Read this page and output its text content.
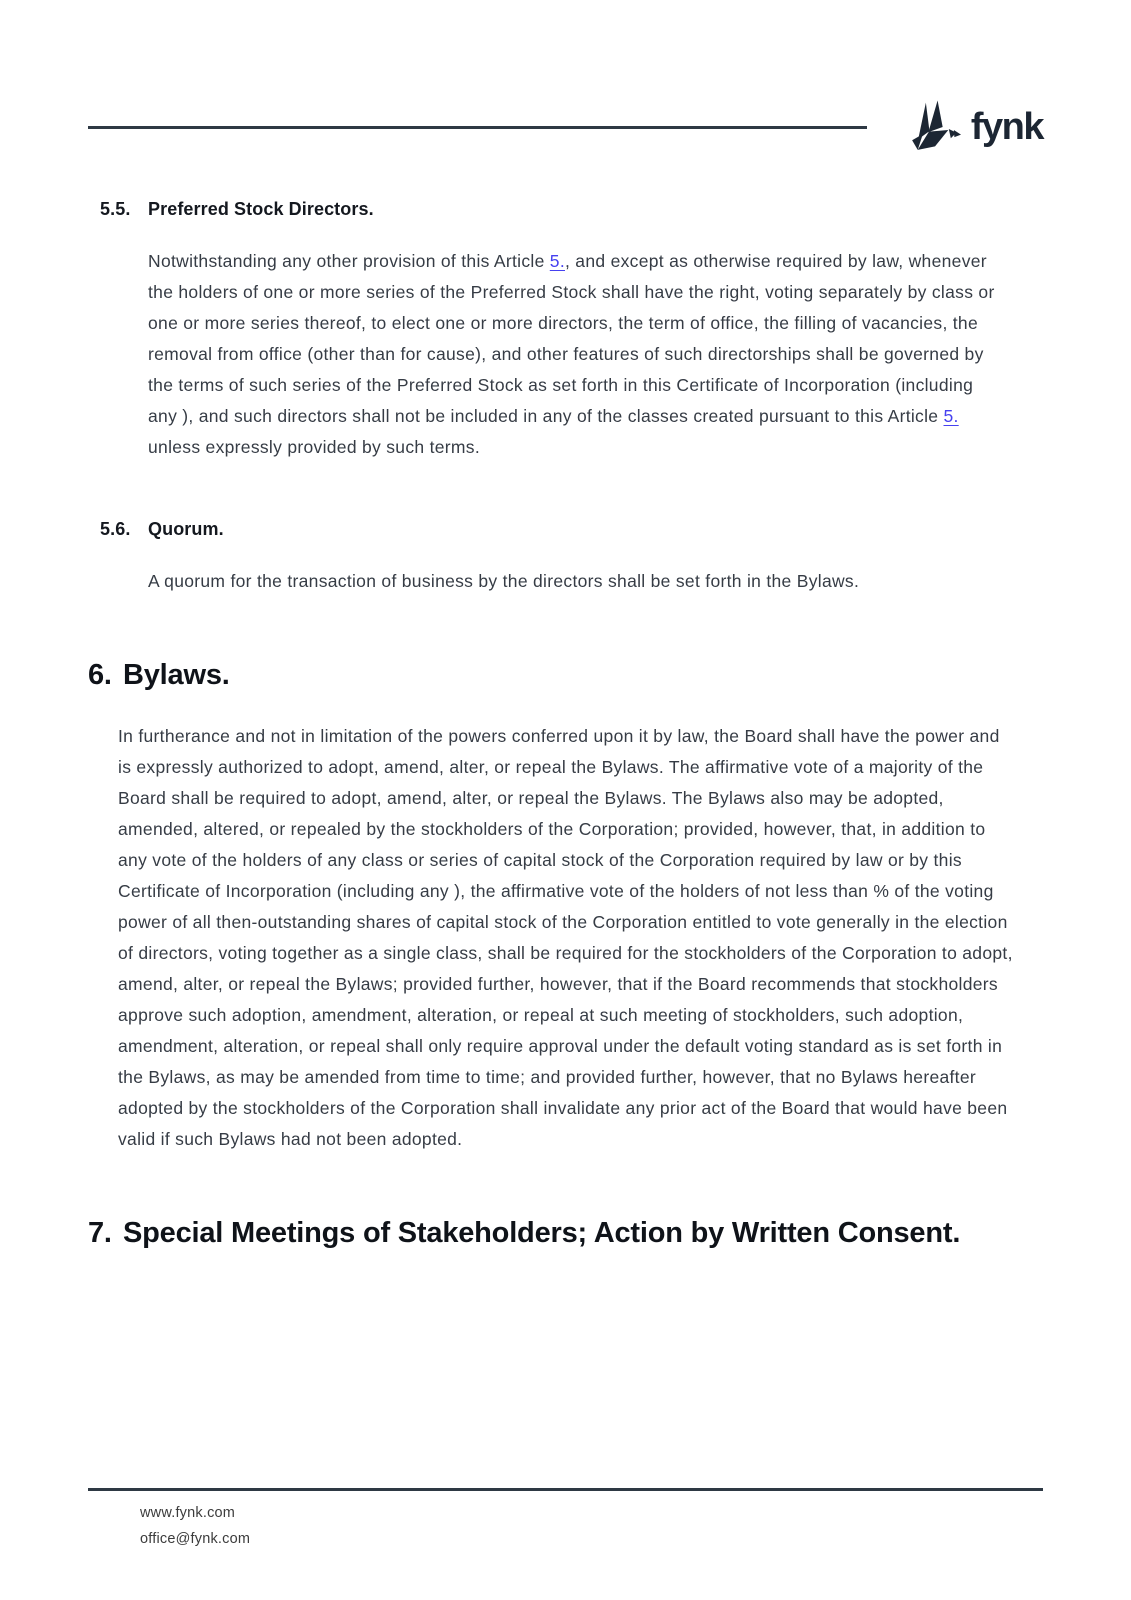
fynk
5.5. Preferred Stock Directors.

Notwithstanding any other provision of this Article 5., and except as otherwise required by law, whenever the holders of one or more series of the Preferred Stock shall have the right, voting separately by class or one or more series thereof, to elect one or more directors, the term of office, the filling of vacancies, the removal from office (other than for cause), and other features of such directorships shall be governed by the terms of such series of the Preferred Stock as set forth in this Certificate of Incorporation (including any ), and such directors shall not be included in any of the classes created pursuant to this Article 5. unless expressly provided by such terms.

5.6. Quorum.

A quorum for the transaction of business by the directors shall be set forth in the Bylaws.

6. Bylaws.

In furtherance and not in limitation of the powers conferred upon it by law, the Board shall have the power and is expressly authorized to adopt, amend, alter, or repeal the Bylaws. The affirmative vote of a majority of the Board shall be required to adopt, amend, alter, or repeal the Bylaws. The Bylaws also may be adopted, amended, altered, or repealed by the stockholders of the Corporation; provided, however, that, in addition to any vote of the holders of any class or series of capital stock of the Corporation required by law or by this Certificate of Incorporation (including any ), the affirmative vote of the holders of not less than % of the voting power of all then-outstanding shares of capital stock of the Corporation entitled to vote generally in the election of directors, voting together as a single class, shall be required for the stockholders of the Corporation to adopt, amend, alter, or repeal the Bylaws; provided further, however, that if the Board recommends that stockholders approve such adoption, amendment, alteration, or repeal at such meeting of stockholders, such adoption, amendment, alteration, or repeal shall only require approval under the default voting standard as is set forth in the Bylaws, as may be amended from time to time; and provided further, however, that no Bylaws hereafter adopted by the stockholders of the Corporation shall invalidate any prior act of the Board that would have been valid if such Bylaws had not been adopted.

7. Special Meetings of Stakeholders; Action by Written Consent.
www.fynk.com
office@fynk.com
